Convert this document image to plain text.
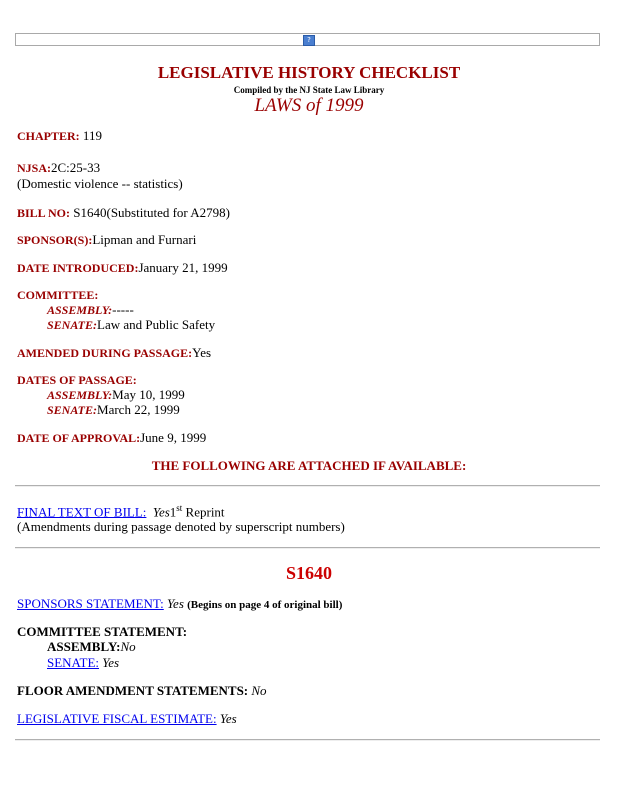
?
LEGISLATIVE HISTORY CHECKLIST
Compiled by the NJ State Law Library
LAWS of 1999
CHAPTER: 119
NJSA:2C:25-33
(Domestic violence -- statistics)
BILL NO: S1640(Substituted for A2798)
SPONSOR(S):Lipman and Furnari
DATE INTRODUCED:January 21, 1999
COMMITTEE:
ASSEMBLY:-----
SENATE:Law and Public Safety
AMENDED DURING PASSAGE:Yes
DATES OF PASSAGE:
ASSEMBLY:May 10, 1999
SENATE:March 22, 1999
DATE OF APPROVAL:June 9, 1999
THE FOLLOWING ARE ATTACHED IF AVAILABLE:
FINAL TEXT OF BILL: Yes1st Reprint
(Amendments during passage denoted by superscript numbers)
S1640
SPONSORS STATEMENT: Yes (Begins on page 4 of original bill)
COMMITTEE STATEMENT:
ASSEMBLY:No
SENATE: Yes
FLOOR AMENDMENT STATEMENTS: No
LEGISLATIVE FISCAL ESTIMATE: Yes
